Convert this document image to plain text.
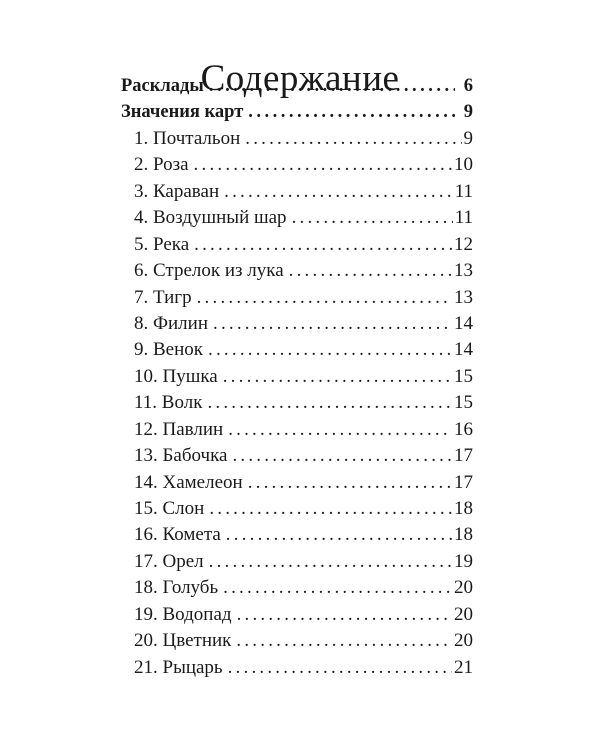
Содержание
Расклады .....	6
Значения карт .....	9
1. Почтальон .....	9
2. Роза .....	10
3. Караван .....	11
4. Воздушный шар .....	11
5. Река .....	12
6. Стрелок из лука .....	13
7. Тигр .....	13
8. Филин .....	14
9. Венок .....	14
10. Пушка .....	15
11. Волк .....	15
12. Павлин .....	16
13. Бабочка .....	17
14. Хамелеон .....	17
15. Слон .....	18
16. Комета .....	18
17. Орел .....	19
18. Голубь .....	20
19. Водопад .....	20
20. Цветник .....	20
21. Рыцарь .....	21
